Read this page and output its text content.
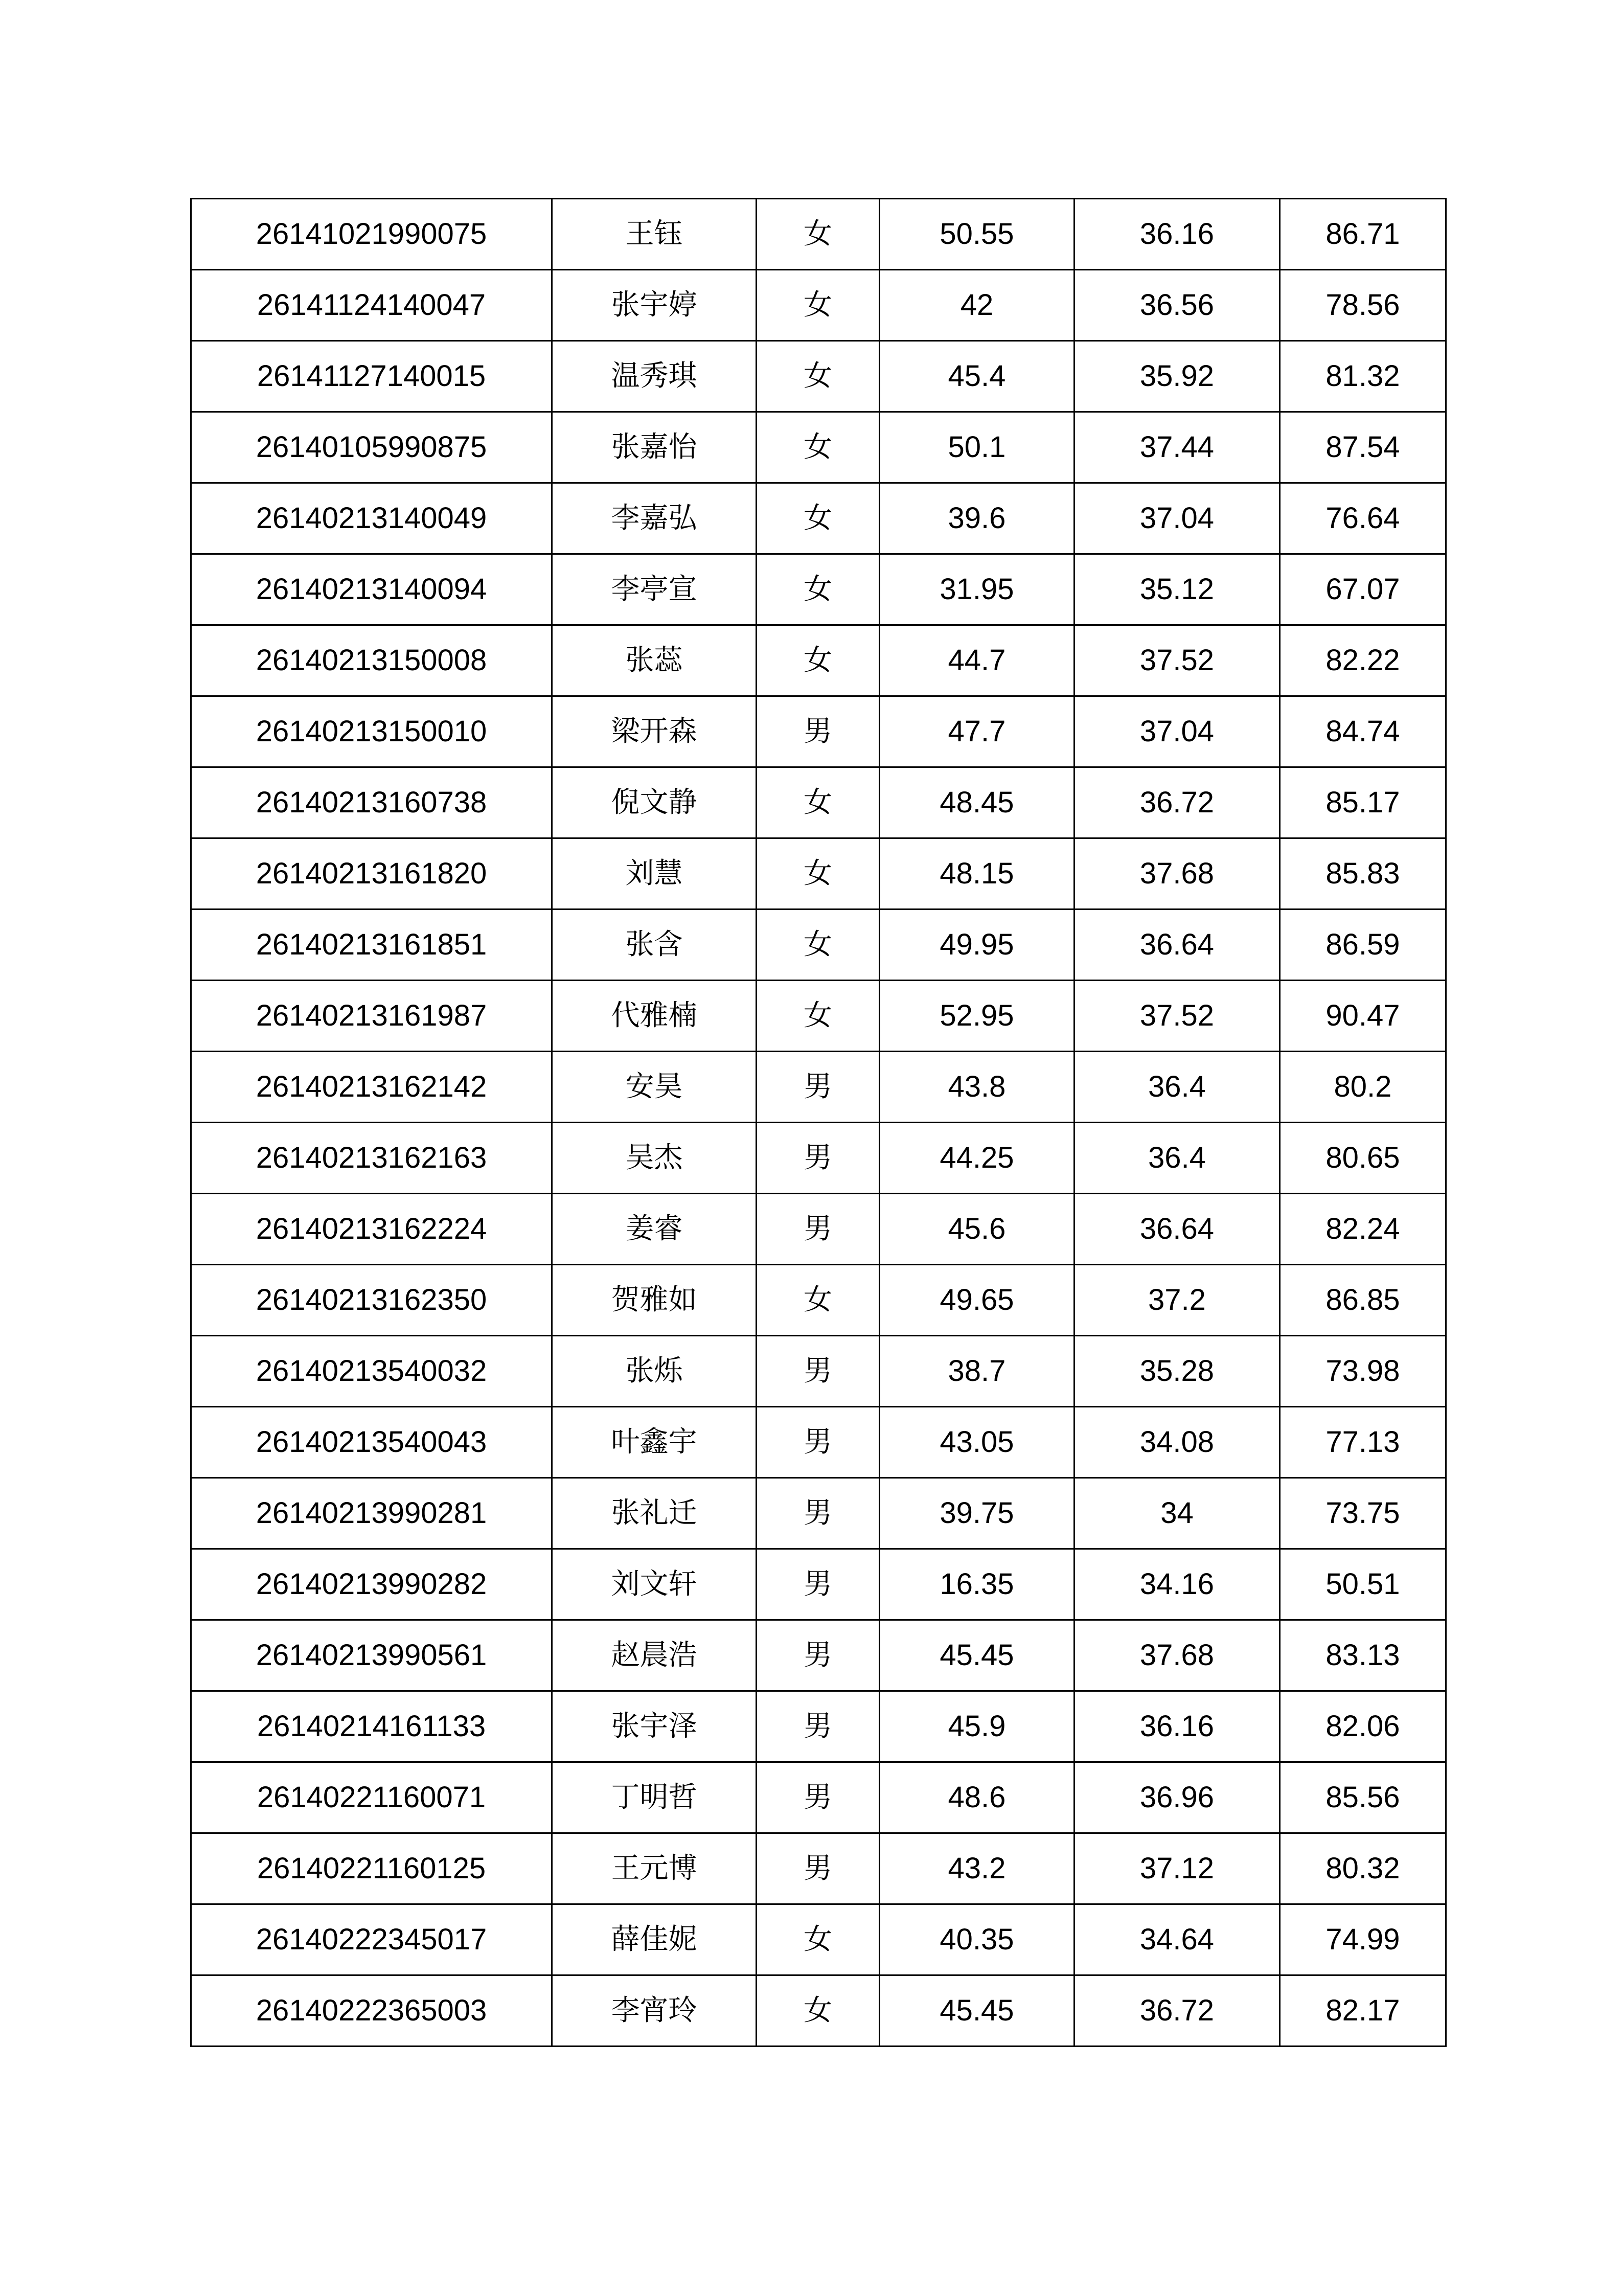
26141021990075	王钰	女	50.55	36.16	86.71
26141124140047	张宇婷	女	42	36.56	78.56
26141127140015	温秀琪	女	45.4	35.92	81.32
26140105990875	张嘉怡	女	50.1	37.44	87.54
26140213140049	李嘉弘	女	39.6	37.04	76.64
26140213140094	李亭宣	女	31.95	35.12	67.07
26140213150008	张蕊	女	44.7	37.52	82.22
26140213150010	梁开森	男	47.7	37.04	84.74
26140213160738	倪文静	女	48.45	36.72	85.17
26140213161820	刘慧	女	48.15	37.68	85.83
26140213161851	张含	女	49.95	36.64	86.59
26140213161987	代雅楠	女	52.95	37.52	90.47
26140213162142	安昊	男	43.8	36.4	80.2
26140213162163	吴杰	男	44.25	36.4	80.65
26140213162224	姜睿	男	45.6	36.64	82.24
26140213162350	贺雅如	女	49.65	37.2	86.85
26140213540032	张烁	男	38.7	35.28	73.98
26140213540043	叶鑫宇	男	43.05	34.08	77.13
26140213990281	张礼迁	男	39.75	34	73.75
26140213990282	刘文轩	男	16.35	34.16	50.51
26140213990561	赵晨浩	男	45.45	37.68	83.13
26140214161133	张宇泽	男	45.9	36.16	82.06
26140221160071	丁明哲	男	48.6	36.96	85.56
26140221160125	王元博	男	43.2	37.12	80.32
26140222345017	薛佳妮	女	40.35	34.64	74.99
26140222365003	李宵玲	女	45.45	36.72	82.17
